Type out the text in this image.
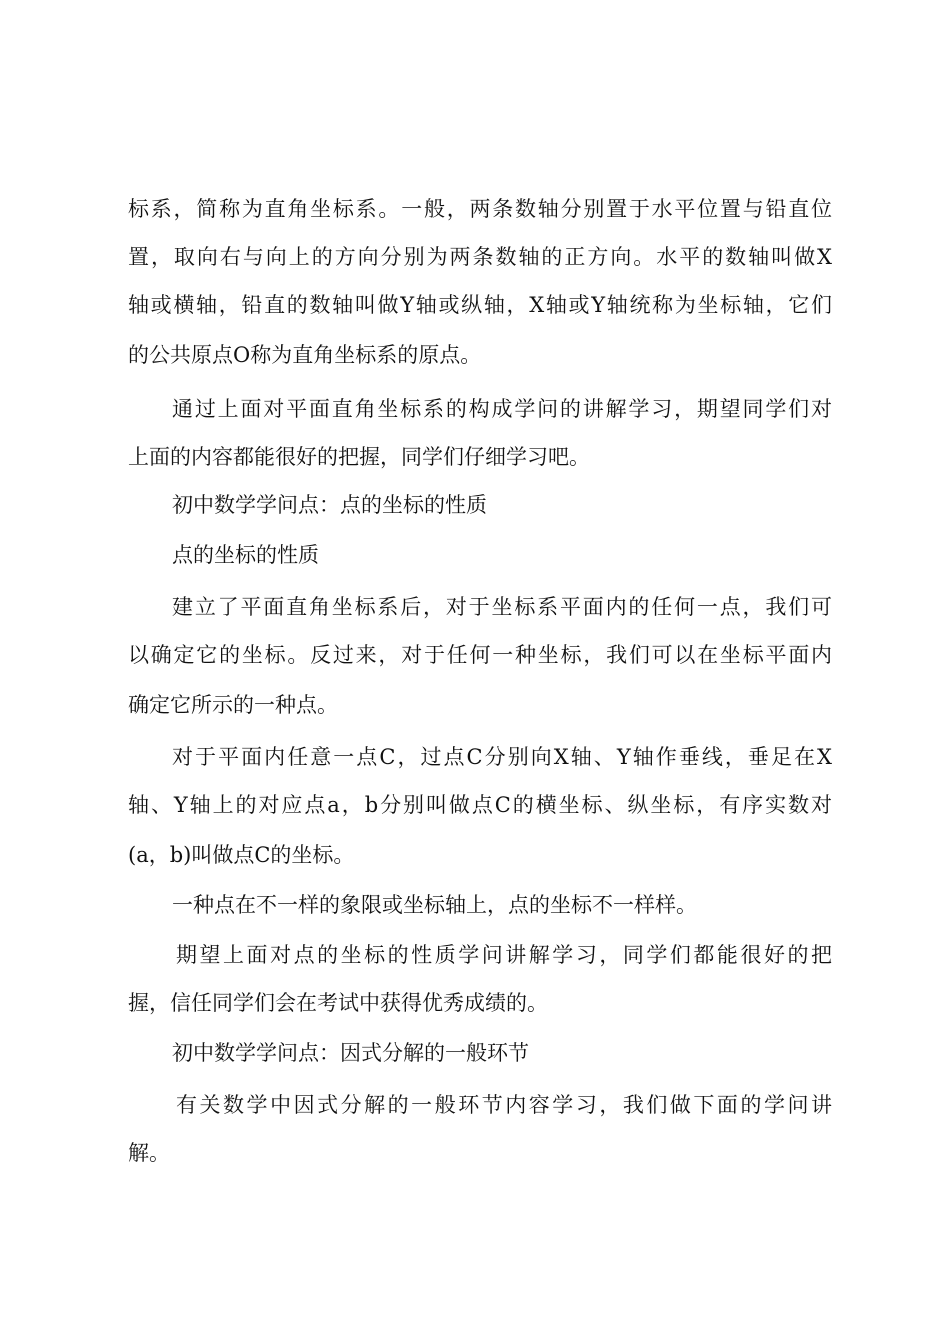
标系，简称为直角坐标系。一般，两条数轴分别置于水平位置与铅直位
置，取向右与向上的方向分别为两条数轴的正方向。水平的数轴叫做X
轴或横轴，铅直的数轴叫做Y轴或纵轴，X轴或Y轴统称为坐标轴，它们
的公共原点O称为直角坐标系的原点。
通过上面对平面直角坐标系的构成学问的讲解学习，期望同学们对
上面的内容都能很好的把握，同学们仔细学习吧。
初中数学学问点：点的坐标的性质
点的坐标的性质
建立了平面直角坐标系后，对于坐标系平面内的任何一点，我们可
以确定它的坐标。反过来，对于任何一种坐标，我们可以在坐标平面内
确定它所示的一种点。
对于平面内任意一点C，过点C分别向X轴、Y轴作垂线，垂足在X
轴、Y轴上的对应点a，b分别叫做点C的横坐标、纵坐标，有序实数对
(a，b)叫做点C的坐标。
一种点在不一样的象限或坐标轴上，点的坐标不一样样。
期望上面对点的坐标的性质学问讲解学习，同学们都能很好的把
握，信任同学们会在考试中获得优秀成绩的。
初中数学学问点：因式分解的一般环节
有关数学中因式分解的一般环节内容学习，我们做下面的学问讲
解。
